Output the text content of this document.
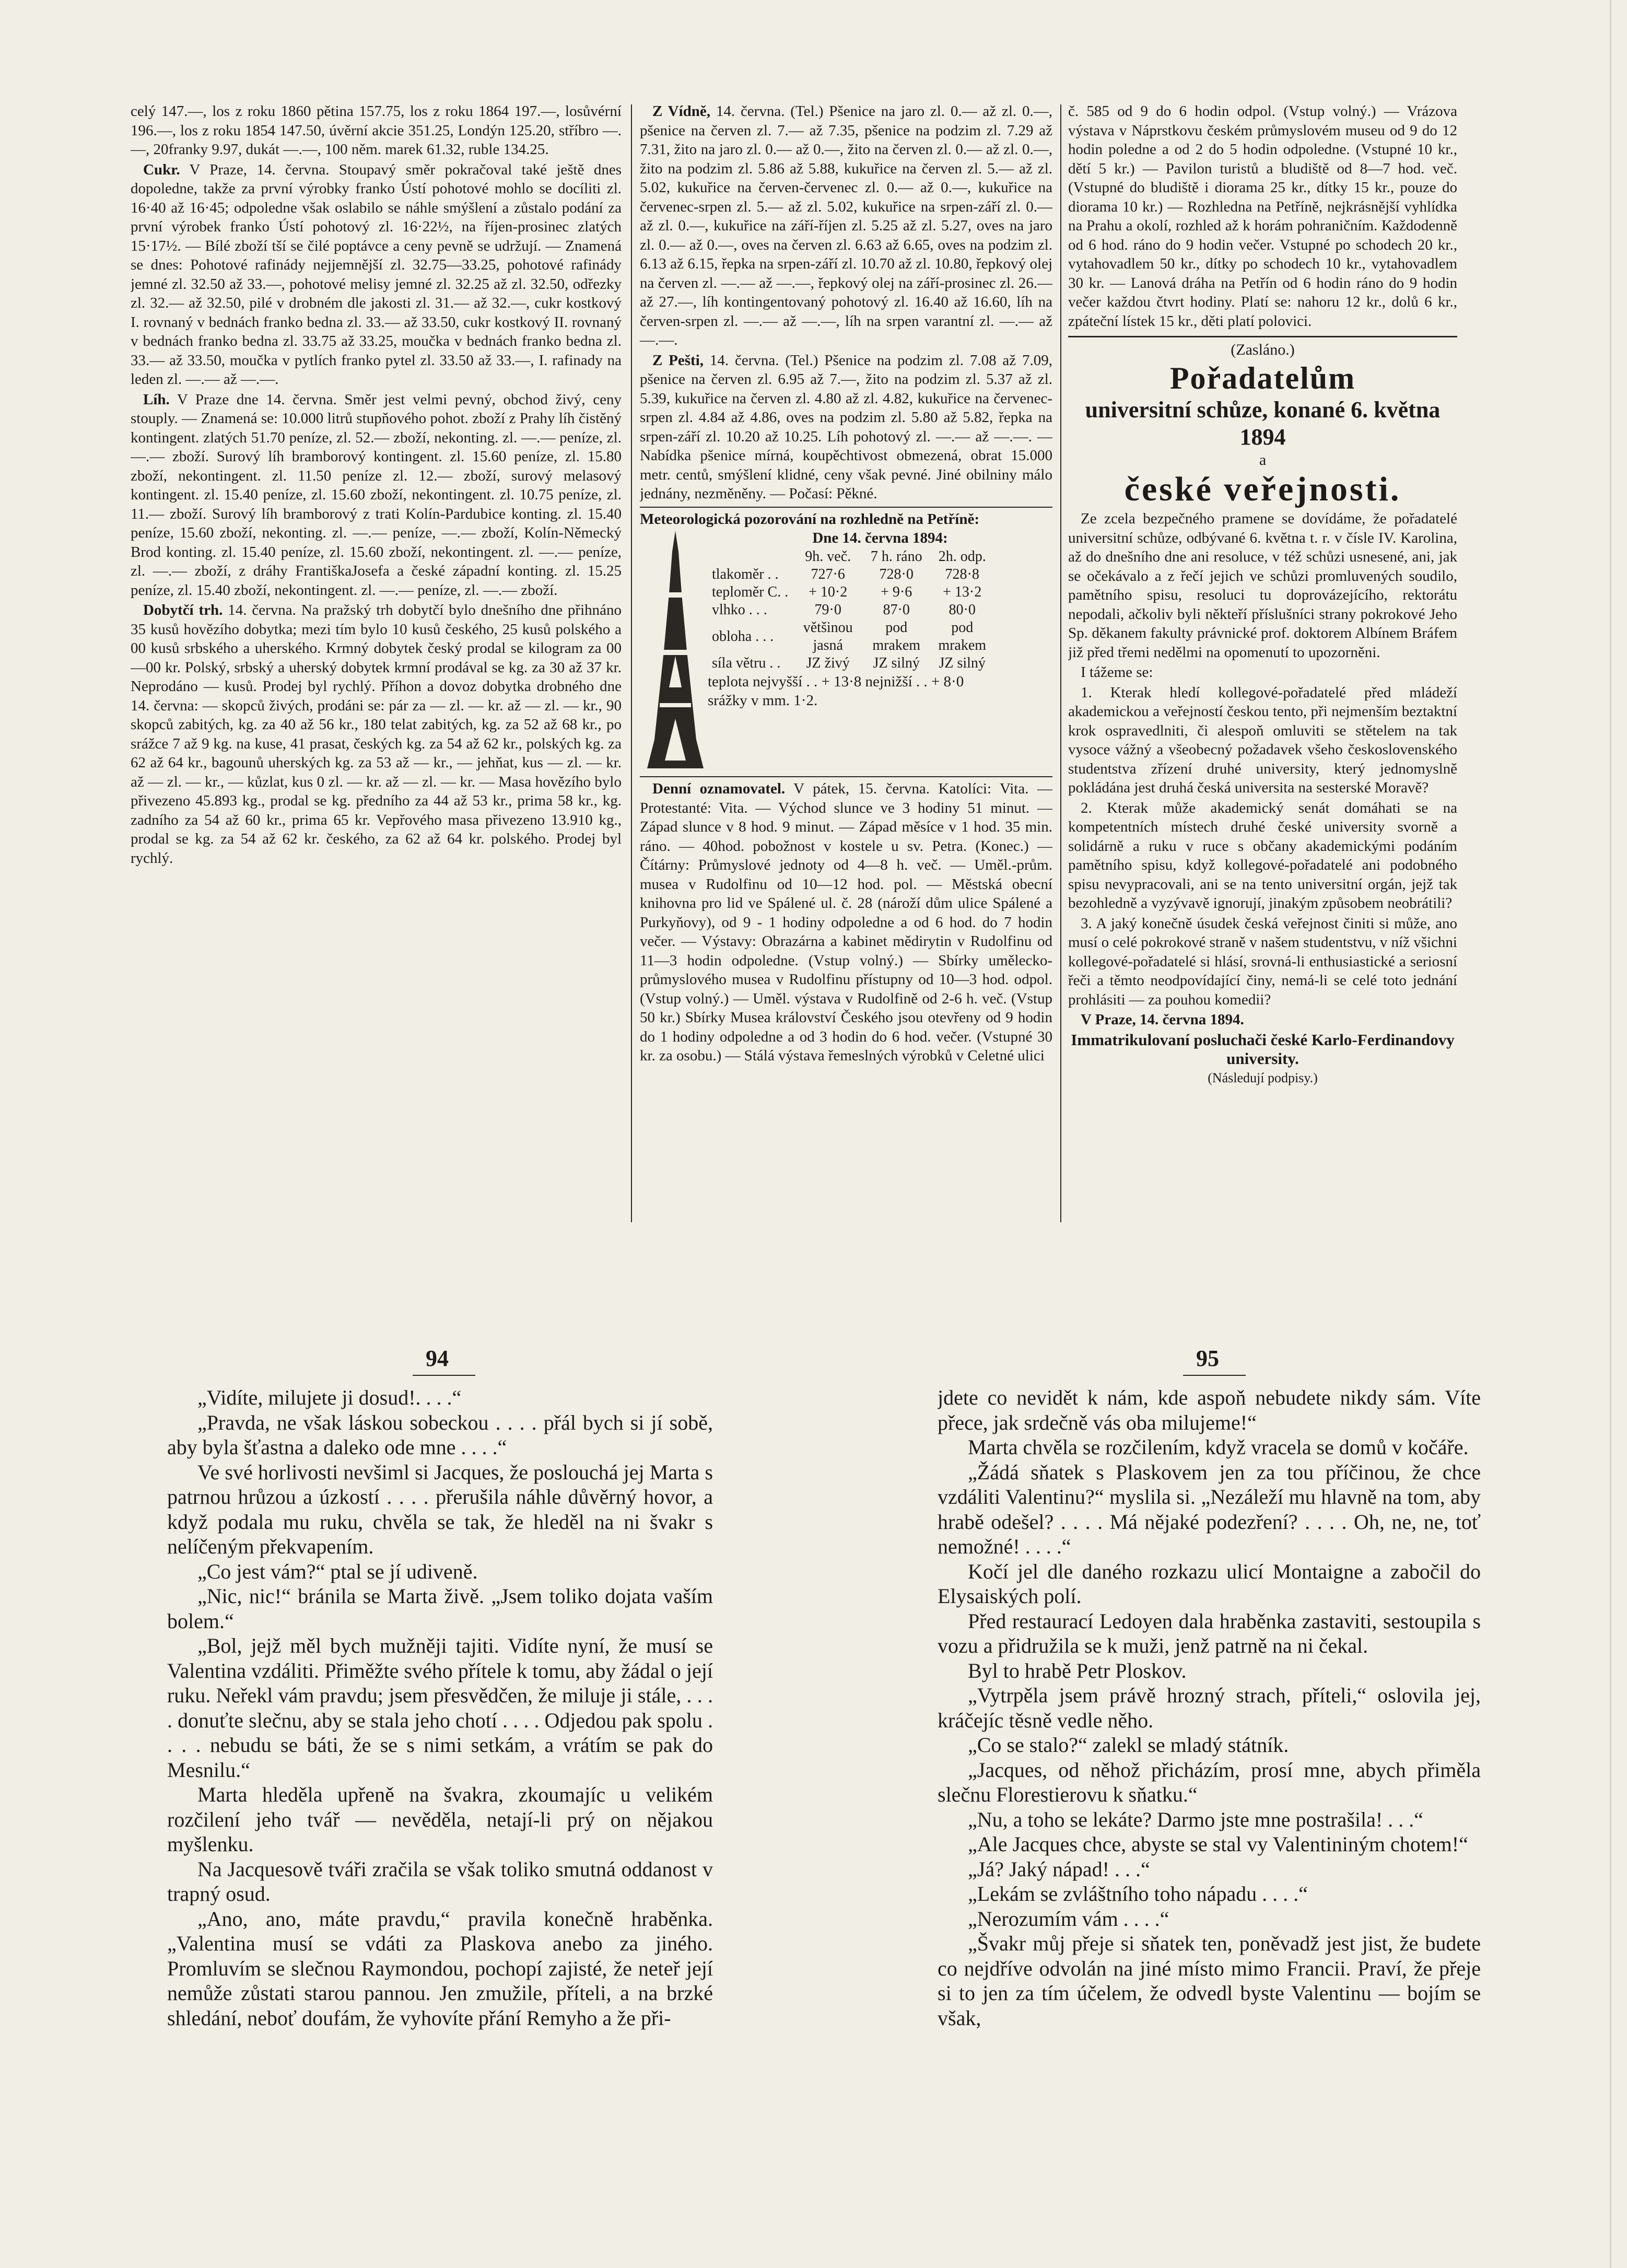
celý 147.—, los z roku 1860 pětina 157.75, los z roku 1864 197.—, losůvérní 196.—, los z roku 1854 147.50, úvěrní akcie 351.25, Londýn 125.20, stříbro —.—, 20franky 9.97, dukát —.—, 100 něm. marek 61.32, ruble 134.25.

Cukr. V Praze, 14. června. Stoupavý směr pokračoval také ještě dnes dopoledne, takže za první výrobky franko Ústí pohotové mohlo se docíliti zl. 16·40 až 16·45; odpoledne však oslabilo se náhle smýšlení a zůstalo podání za první výrobek franko Ústí pohotový zl. 16·22½, na říjen-prosinec zlatých 15·17½. — Bílé zboží tší se čilé poptávce a ceny pevně se udržují. — Znamená se dnes: Pohotové rafinády nejjemnější zl. 32.75—33.25, pohotové rafinády jemné zl. 32.50 až 33.—, pohotové melisy jemné zl. 32.25 až zl. 32.50, odřezky zl. 32.— až 32.50, pilé v drobném dle jakosti zl. 31.— až 32.—, cukr kostkový I. rovnaný v bednách franko bedna zl. 33.— až 33.50, cukr kostkový II. rovnaný v bednách franko bedna zl. 33.75 až 33.25, moučka v bednách franko bedna zl. 33.— až 33.50, moučka v pytlích franko pytel zl. 33.50 až 33.—, I. rafinady na leden zl. —.— až —.—.

Líh. V Praze dne 14. června. Směr jest velmi pevný, obchod živý, ceny stouply. — Znamená se: 10.000 litrů stupňového pohot. zboží z Prahy líh čistěný kontingent. zlatých 51.70 peníze, zl. 52.— zboží, nekonting. zl. —.— peníze, zl. —.— zboží. Surový líh bramborový kontingent. zl. 15.60 peníze, zl. 15.80 zboží, nekontingent. zl. 11.50 peníze zl. 12.— zboží, surový melasový kontingent. zl. 15.40 peníze, zl. 15.60 zboží, nekontingent. zl. 10.75 peníze, zl. 11.— zboží. Surový líh bramborový z trati Kolín-Pardubice konting. zl. 15.40 peníze, 15.60 zboží, nekonting. zl. —.— peníze, —.— zboží, Kolín-Německý Brod konting. zl. 15.40 peníze, zl. 15.60 zboží, nekontingent. zl. —.— peníze, zl. —.— zboží, z dráhy FrantiškaJosefa a české západní konting. zl. 15.25 peníze, zl. 15.40 zboží, nekontingent. zl. —.— peníze, zl. —.— zboží.

Dobytčí trh. 14. června. Na pražský trh dobytčí bylo dnešního dne přihnáno 35 kusů hovězího dobytka; mezi tím bylo 10 kusů českého, 25 kusů polského a 00 kusů srbského a uherského. Krmný dobytek český prodal se kilogram za 00—00 kr. Polský, srbský a uherský dobytek krmní prodával se kg. za 30 až 37 kr. Neprodáno — kusů. Prodej byl rychlý. Příhon a dovoz dobytka drobného dne 14. června: — skopců živých, prodáni se: pár za — zl. — kr. až — zl. — kr., 90 skopců zabitých, kg. za 40 až 56 kr., 180 telat zabitých, kg. za 52 až 68 kr., po srážce 7 až 9 kg. na kuse, 41 prasat, českých kg. za 54 až 62 kr., polských kg. za 62 až 64 kr., bagounů uherských kg. za 53 až — kr., — jehňat, kus — zl. — kr. až — zl. — kr., — kůzlat, kus 0 zl. — kr. až — zl. — kr. — Masa hovězího bylo přivezeno 45.893 kg., prodal se kg. předního za 44 až 53 kr., prima 58 kr., kg. zadního za 54 až 60 kr., prima 65 kr. Vepřového masa přivezeno 13.910 kg., prodal se kg. za 54 až 62 kr. českého, za 62 až 64 kr. polského. Prodej byl rychlý.

Z Vídně, 14. června. (Tel.) Pšenice na jaro zl. 0.— až zl. 0.—, pšenice na červen zl. 7.— až 7.35, pšenice na podzim zl. 7.29 až 7.31, žito na jaro zl. 0.— až 0.—, žito na červen zl. 0.— až zl. 0.—, žito na podzim zl. 5.86 až 5.88, kukuřice na červen zl. 5.— až zl. 5.02, kukuřice na červen-červenec zl. 0.— až 0.—, kukuřice na červenec-srpen zl. 5.— až zl. 5.02, kukuřice na srpen-září zl. 0.— až zl. 0.—, kukuřice na září-říjen zl. 5.25 až zl. 5.27, oves na jaro zl. 0.— až 0.—, oves na červen zl. 6.63 až 6.65, oves na podzim zl. 6.13 až 6.15, řepka na srpen-září zl. 10.70 až zl. 10.80, řepkový olej na červen zl. —.— až —.—, řepkový olej na září-prosinec zl. 26.— až 27.—, líh kontingentovaný pohotový zl. 16.40 až 16.60, líh na červen-srpen zl. —.— až —.—, líh na srpen varantní zl. —.— až —.—.

Z Pešti, 14. června. (Tel.) Pšenice na podzim zl. 7.08 až 7.09, pšenice na červen zl. 6.95 až 7.—, žito na podzim zl. 5.37 až zl. 5.39, kukuřice na červen zl. 4.80 až zl. 4.82, kukuřice na červenec-srpen zl. 4.84 až 4.86, oves na podzim zl. 5.80 až 5.82, řepka na srpen-září zl. 10.20 až 10.25. Líh pohotový zl. —.— až —.—. — Nabídka pšenice mírná, koupěchtivost obmezená, obrat 15.000 metr. centů, smýšlení klidné, ceny však pevné. Jiné obilniny málo jednány, nezměněny. — Počasí: Pěkné.

Meteorologická pozorování na rozhledně na Petříně:
Dne 14. června 1894:
	9h. več.	7 h. ráno	2h. odp.
tlakoměr . .	727·6	728·0	728·8
teploměr C. .	+ 10·2	+ 9·6	+ 13·2
vlhko . . .	79·0	87·0	80·0
obloha . . .	většinou jasná	pod mrakem	pod mrakem
síla větru . .	JZ živý	JZ silný	JZ silný
teplota nejvyšší . . + 13·8 nejnižší . . + 8·0
srážky v mm. 1·2.

Denní oznamovatel. V pátek, 15. června. Katolíci: Vita. — Protestanté: Vita. — Východ slunce ve 3 hodiny 51 minut. — Západ slunce v 8 hod. 9 minut. — Západ měsíce v 1 hod. 35 min. ráno. — 40hod. pobožnost v kostele u sv. Petra. (Konec.) — Čítárny: Průmyslové jednoty od 4—8 h. več. — Uměl.-prům. musea v Rudolfinu od 10—12 hod. pol. — Městská obecní knihovna pro lid ve Spálené ul. č. 28 (nároží dům ulice Spálené a Purkyňovy), od 9 - 1 hodiny odpoledne a od 6 hod. do 7 hodin večer. — Výstavy: Obrazárna a kabinet mědirytin v Rudolfinu od 11—3 hodin odpoledne. (Vstup volný.) — Sbírky umělecko-průmyslového musea v Rudolfinu přístupny od 10—3 hod. odpol. (Vstup volný.) — Uměl. výstava v Rudolfině od 2-6 h. več. (Vstup 50 kr.) Sbírky Musea království Českého jsou otevřeny od 9 hodin do 1 hodiny odpoledne a od 3 hodin do 6 hod. večer. (Vstupné 30 kr. za osobu.) — Stálá výstava řemeslných výrobků v Celetné ulici

č. 585 od 9 do 6 hodin odpol. (Vstup volný.) — Vrázova výstava v Náprstkovu českém průmyslovém museu od 9 do 12 hodin poledne a od 2 do 5 hodin odpoledne. (Vstupné 10 kr., dětí 5 kr.) — Pavilon turistů a bludiště od 8—7 hod. več. (Vstupné do bludiště i diorama 25 kr., dítky 15 kr., pouze do diorama 10 kr.) — Rozhledna na Petříně, nejkrásnější vyhlídka na Prahu a okolí, rozhled až k horám pohraničním. Každodenně od 6 hod. ráno do 9 hodin večer. Vstupné po schodech 20 kr., vytahovadlem 50 kr., dítky po schodech 10 kr., vytahovadlem 30 kr. — Lanová dráha na Petřín od 6 hodin ráno do 9 hodin večer každou čtvrt hodiny. Platí se: nahoru 12 kr., dolů 6 kr., zpáteční lístek 15 kr., děti platí polovici.

(Zasláno.)
Pořadatelům
universitní schůze, konané 6. května 1894
a
české veřejnosti.

Ze zcela bezpečného pramene se dovídáme, že pořadatelé universitní schůze, odbývané 6. května t. r. v čísle IV. Karolina, až do dnešního dne ani resoluce, v též schůzi usnesené, ani, jak se očekávalo a z řečí jejich ve schůzi promluvených soudilo, pamětního spisu, resoluci tu doprovázejícího, rektorátu nepodali, ačkoliv byli někteří příslušníci strany pokrokové Jeho Sp. děkanem fakulty právnické prof. doktorem Albínem Bráfem již před třemi nedělmi na opomenutí to upozorněni.

I tážeme se:

1. Kterak hledí kollegové-pořadatelé před mládeží akademickou a veřejností českou tento, při nejmenším beztaktní krok ospravedlniti, či alespoň omluviti se stětelem na tak vysoce vážný a všeobecný požadavek všeho československého studentstva zřízení druhé university, který jednomyslně pokládána jest druhá česká universita na sesterské Moravě?

2. Kterak může akademický senát domáhati se na kompetentních místech druhé české university svorně a solidárně a ruku v ruce s občany akademickými podáním pamětního spisu, když kollegové-pořadatelé ani podobného spisu nevypracovali, ani se na tento universitní orgán, jejž tak bezohledně a vyzývavě ignorují, jinakým způsobem neobrátili?

3. A jaký konečně úsudek česká veřejnost činiti si může, ano musí o celé pokrokové straně v našem studentstvu, v níž všichni kollegové-pořadatelé si hlásí, srovná-li enthusiastické a seriosní řeči a těmto neodpovídající činy, nemá-li se celé toto jednání prohlásiti — za pouhou komedii?

V Praze, 14. června 1894.

Immatrikulovaní posluchači české Karlo-Ferdinandovy university.
(Následují podpisy.)
94	95

„Vidíte, milujete ji dosud!. . . .“

„Pravda, ne však láskou sobeckou . . . . přál bych si jí sobě, aby byla šťastna a daleko ode mne . . . .“

Ve své horlivosti nevšiml si Jacques, že poslouchá jej Marta s patrnou hrůzou a úzkostí . . . . přerušila náhle důvěrný hovor, a když podala mu ruku, chvěla se tak, že hleděl na ni švakr s nelíčeným překvapením.

„Co jest vám?“ ptal se jí udiveně.

„Nic, nic!“ bránila se Marta živě. „Jsem toliko dojata vaším bolem.“

„Bol, jejž měl bych mužněji tajiti. Vidíte nyní, že musí se Valentina vzdáliti. Přiměžte svého přítele k tomu, aby žádal o její ruku. Neřekl vám pravdu; jsem přesvědčen, že miluje ji stále, . . . . donuťte slečnu, aby se stala jeho chotí . . . . Odjedou pak spolu . . . . nebudu se báti, že se s nimi setkám, a vrátím se pak do Mesnilu.“

Marta hleděla upřeně na švakra, zkoumajíc u velikém rozčilení jeho tvář — nevěděla, netají-li prý on nějakou myšlenku.

Na Jacquesově tváři zračila se však toliko smutná oddanost v trapný osud.

„Ano, ano, máte pravdu,“ pravila konečně hraběnka. „Valentina musí se vdáti za Plaskova anebo za jiného. Promluvím se slečnou Raymondou, pochopí zajisté, že neteř její nemůže zůstati starou pannou. Jen zmužile, příteli, a na brzké shledání, neboť doufám, že vyhovíte přání Remyho a že při-

jdete co nevidět k nám, kde aspoň nebudete nikdy sám. Víte přece, jak srdečně vás oba milujeme!“

Marta chvěla se rozčilením, když vracela se domů v kočáře.

„Žádá sňatek s Plaskovem jen za tou příčinou, že chce vzdáliti Valentinu?“ myslila si. „Nezáleží mu hlavně na tom, aby hrabě odešel? . . . . Má nějaké podezření? . . . . Oh, ne, ne, toť nemožné! . . . .“

Kočí jel dle daného rozkazu ulicí Montaigne a zabočil do Elysaiských polí.

Před restaurací Ledoyen dala hraběnka zastaviti, sestoupila s vozu a přidružila se k muži, jenž patrně na ni čekal.

Byl to hrabě Petr Ploskov.

„Vytrpěla jsem právě hrozný strach, příteli,“ oslovila jej, kráčejíc těsně vedle něho.

„Co se stalo?“ zalekl se mladý státník.

„Jacques, od něhož přicházím, prosí mne, abych přiměla slečnu Florestierovu k sňatku.“

„Nu, a toho se lekáte? Darmo jste mne postrašila! . . .“

„Ale Jacques chce, abyste se stal vy Valentininým chotem!“

„Já? Jaký nápad! . . .“

„Lekám se zvláštního toho nápadu . . . .“

„Nerozumím vám . . . .“

„Švakr můj přeje si sňatek ten, poněvadž jest jist, že budete co nejdříve odvolán na jiné místo mimo Francii. Praví, že přeje si to jen za tím účelem, že odvedl byste Valentinu — bojím se však,
